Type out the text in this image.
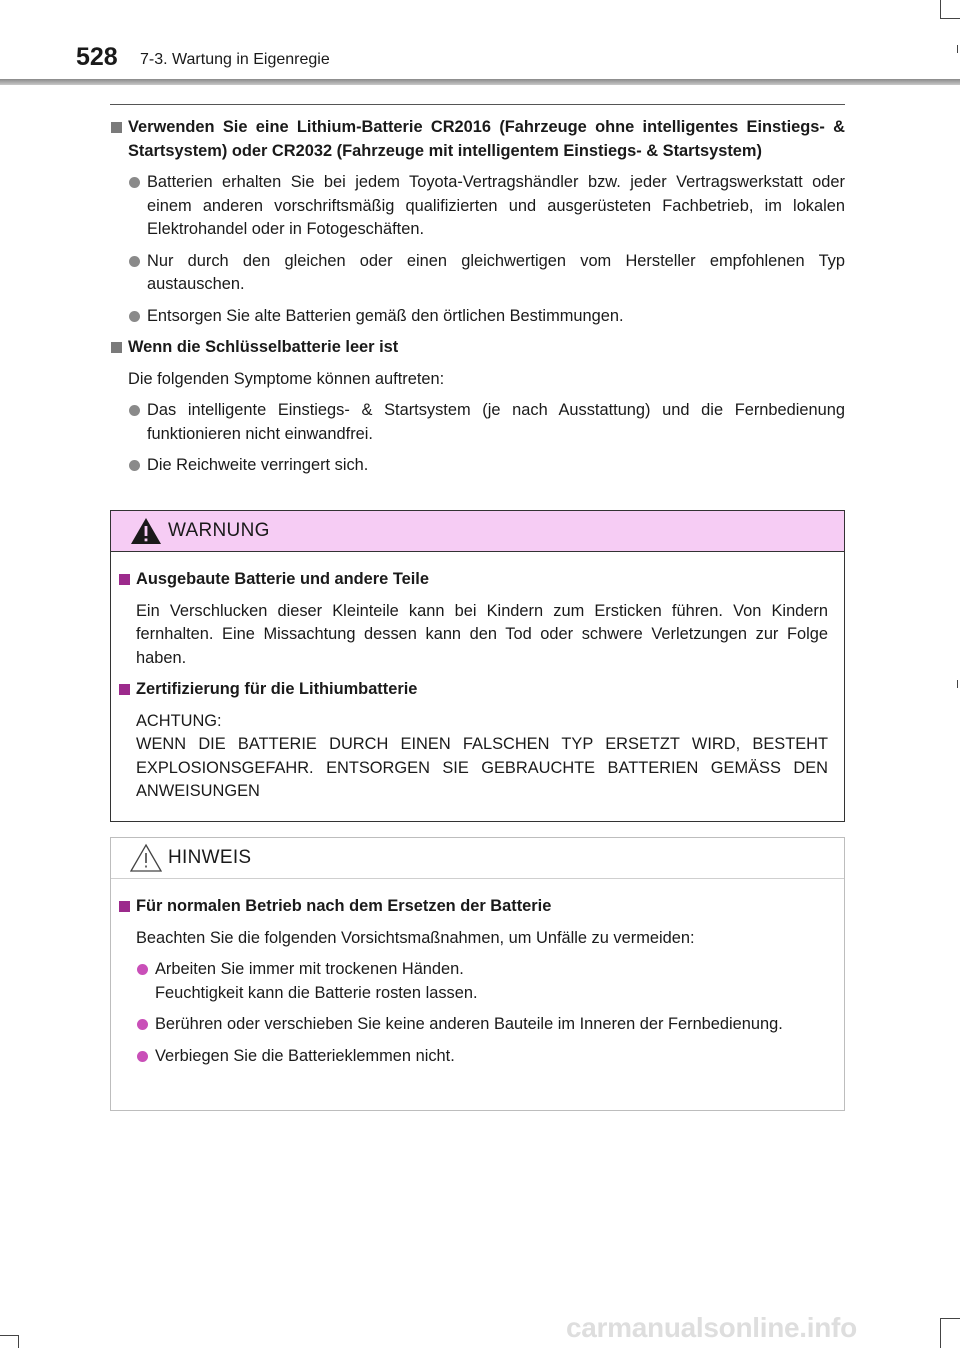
528 7-3. Wartung in Eigenregie
Verwenden Sie eine Lithium-Batterie CR2016 (Fahrzeuge ohne intelligentes Einstiegs- & Startsystem) oder CR2032 (Fahrzeuge mit intelligentem Einstiegs- & Startsystem)
Batterien erhalten Sie bei jedem Toyota-Vertragshändler bzw. jeder Vertragswerkstatt oder einem anderen vorschriftsmäßig qualifizierten und ausgerüsteten Fachbetrieb, im lokalen Elektrohandel oder in Fotogeschäften.
Nur durch den gleichen oder einen gleichwertigen vom Hersteller empfohlenen Typ austauschen.
Entsorgen Sie alte Batterien gemäß den örtlichen Bestimmungen.
Wenn die Schlüsselbatterie leer ist
Die folgenden Symptome können auftreten:
Das intelligente Einstiegs- & Startsystem (je nach Ausstattung) und die Fernbedienung funktionieren nicht einwandfrei.
Die Reichweite verringert sich.
WARNUNG
Ausgebaute Batterie und andere Teile
Ein Verschlucken dieser Kleinteile kann bei Kindern zum Ersticken führen. Von Kindern fernhalten. Eine Missachtung dessen kann den Tod oder schwere Verletzungen zur Folge haben.
Zertifizierung für die Lithiumbatterie
ACHTUNG:
WENN DIE BATTERIE DURCH EINEN FALSCHEN TYP ERSETZT WIRD, BESTEHT EXPLOSIONSGEFAHR. ENTSORGEN SIE GEBRAUCHTE BATTERIEN GEMÄSS DEN ANWEISUNGEN
HINWEIS
Für normalen Betrieb nach dem Ersetzen der Batterie
Beachten Sie die folgenden Vorsichtsmaßnahmen, um Unfälle zu vermeiden:
Arbeiten Sie immer mit trockenen Händen.
Feuchtigkeit kann die Batterie rosten lassen.
Berühren oder verschieben Sie keine anderen Bauteile im Inneren der Fernbedienung.
Verbiegen Sie die Batterieklemmen nicht.
carmanualsonline.info
